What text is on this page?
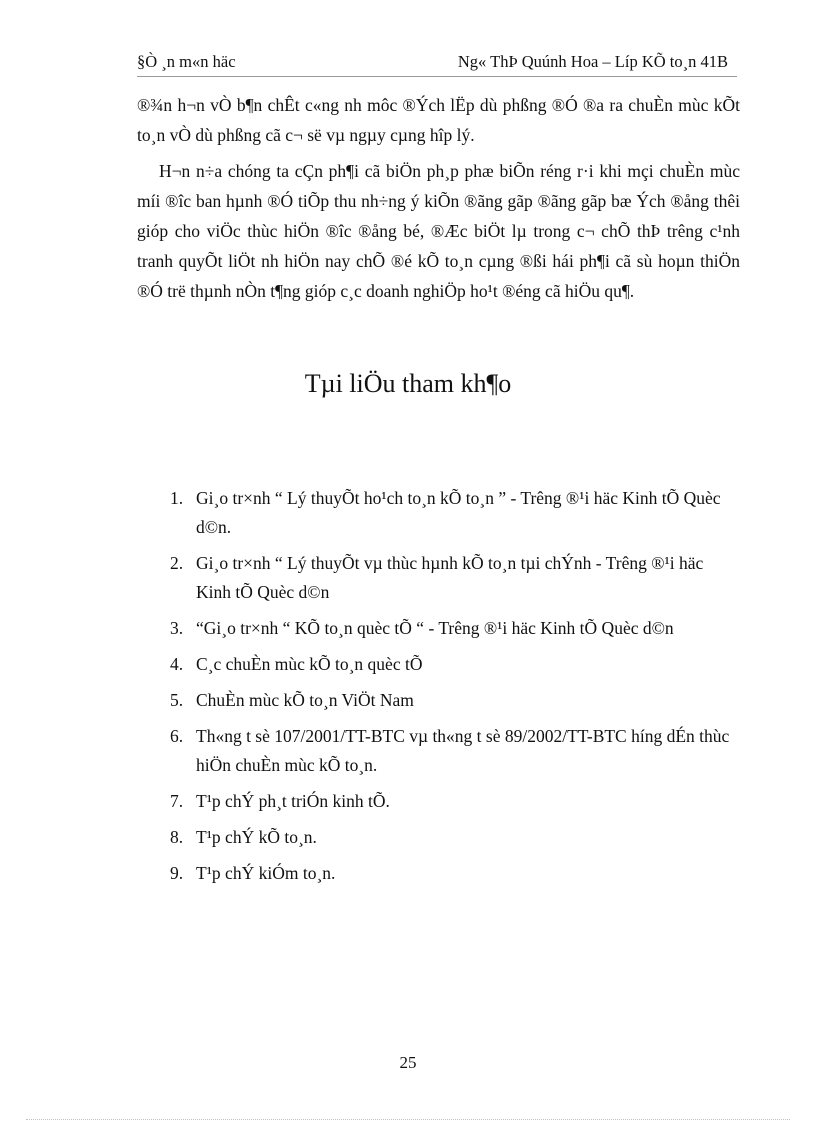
§Ò ¸n m«n häc	Ng« ThÞ Quúnh Hoa – Líp KÕ to¸n 41B

®¾n h¬n vÒ b¶n chÊt c«ng nh môc ®Ých lËp dù phßng ®Ó ®a ra chuÈn mùc kÕt to¸n vÒ dù phßng cã c¬ së vµ ngµy cµng hîp lý.

H¬n n÷a chóng ta cÇn ph¶i cã biÖn ph¸p phæ biÕn réng r·i khi mçi chuÈn mùc míi ®îc ban hµnh ®Ó tiÕp thu nh÷ng ý kiÕn ®ãng gãp ®ãng gãp bæ Ých ®ång thêi gióp cho viÖc thùc hiÖn ®îc ®ång bé, ®Æc biÖt lµ trong c¬ chÕ thÞ trêng c¹nh tranh quyÕt liÖt nh hiÖn nay chÕ ®é kÕ to¸n cµng ®ßi hái ph¶i cã sù hoµn thiÖn ®Ó trë thµnh nÒn t¶ng gióp c¸c doanh nghiÖp ho¹t ®éng cã hiÖu qu¶.

Tµi liÖu tham kh¶o
1. Gi¸o tr×nh “ Lý thuyÕt ho¹ch to¸n kÕ to¸n ” - Trêng ®¹i häc Kinh tÕ Quèc d©n.
2. Gi¸o tr×nh “ Lý thuyÕt vµ thùc hµnh kÕ to¸n tµi chÝnh - Trêng ®¹i häc Kinh tÕ Quèc d©n
3. “Gi¸o tr×nh “ KÕ to¸n quèc tÕ “ - Trêng ®¹i häc Kinh tÕ Quèc d©n
4. C¸c chuÈn mùc kÕ to¸n quèc tÕ
5. ChuÈn mùc kÕ to¸n ViÖt Nam
6. Th«ng t sè 107/2001/TT-BTC vµ th«ng t sè 89/2002/TT-BTC híng dÉn thùc hiÖn chuÈn mùc kÕ to¸n.
7. T¹p chÝ ph¸t triÓn kinh tÕ.
8. T¹p chÝ kÕ to¸n.
9. T¹p chÝ kiÓm to¸n.
25
